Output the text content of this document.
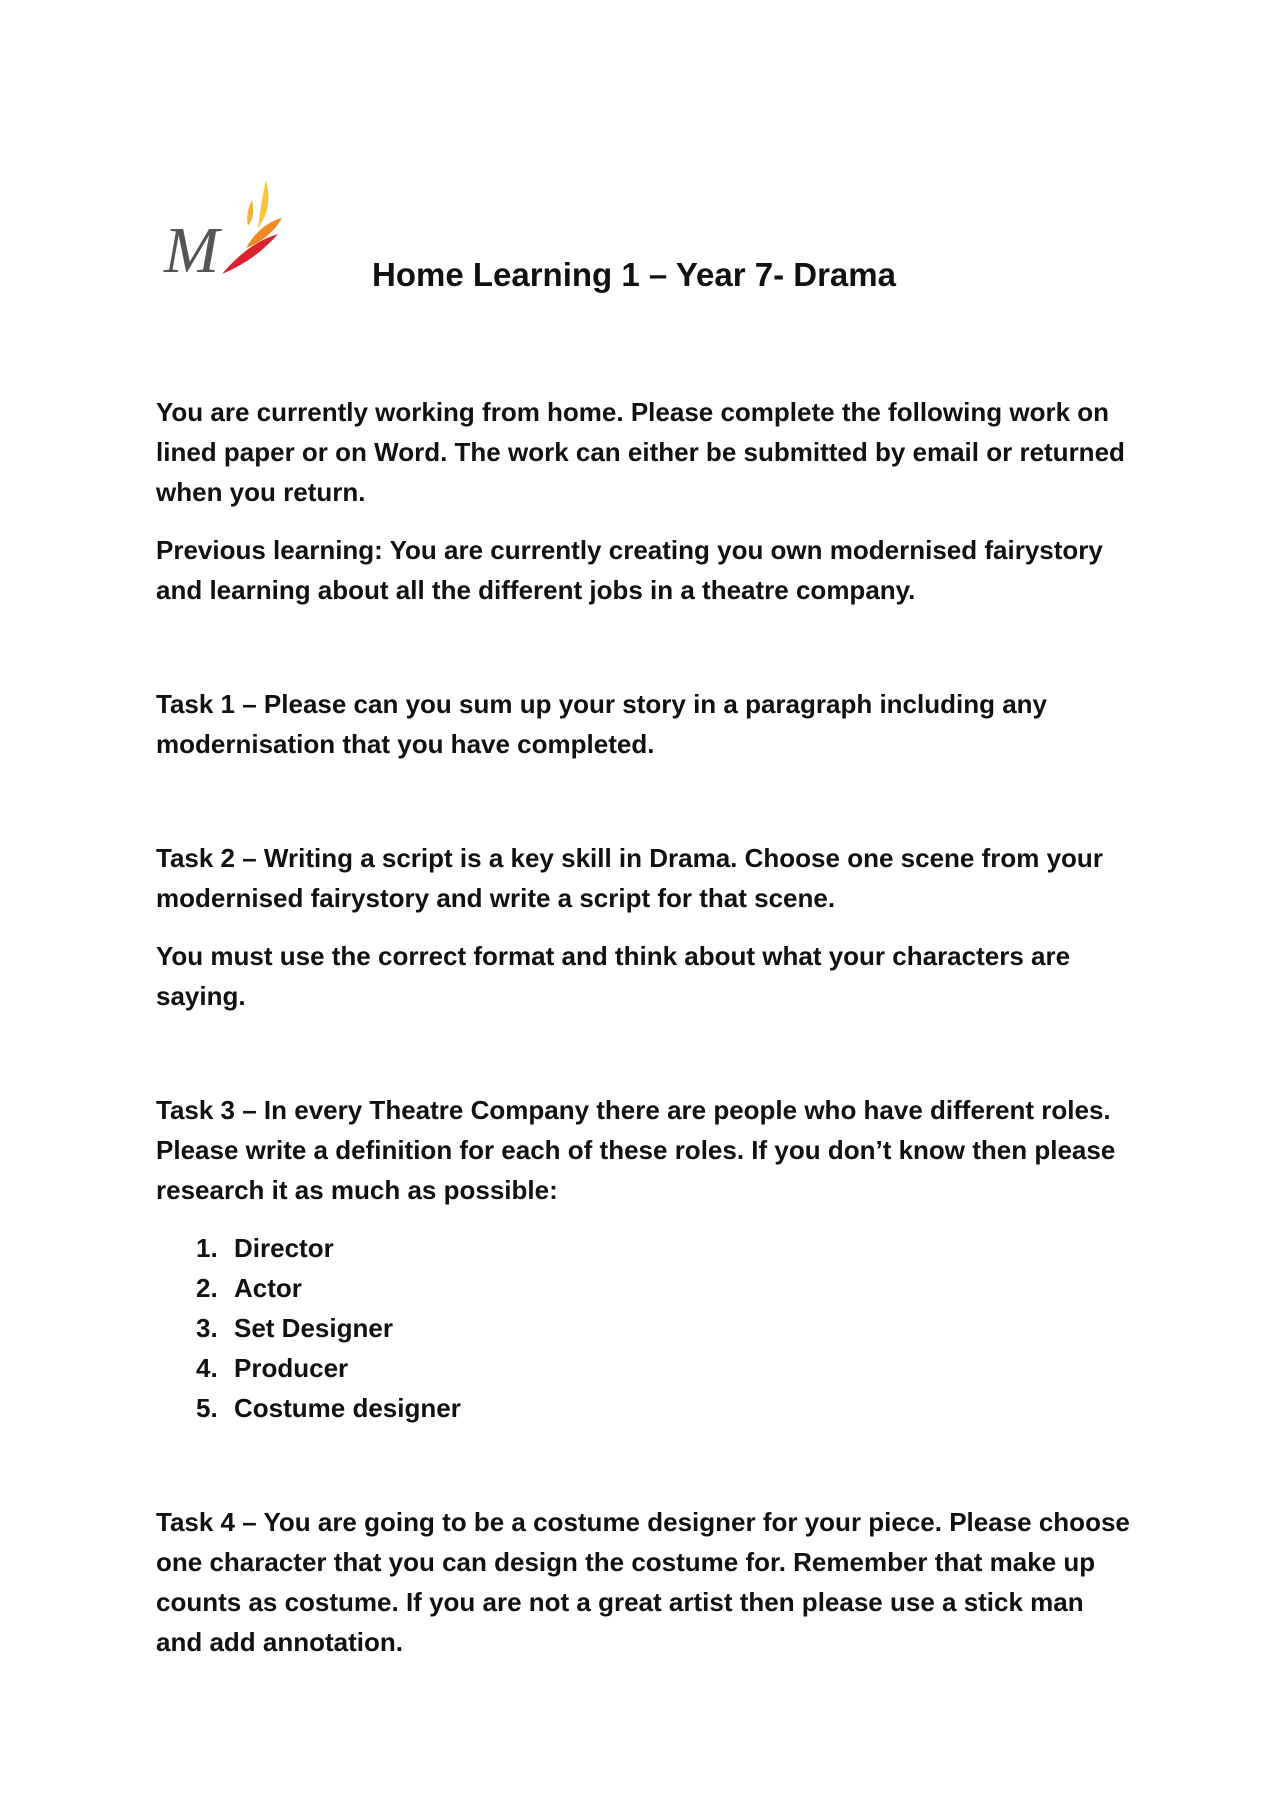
M	Home Learning 1 – Year 7- Drama

You are currently working from home. Please complete the following work on lined paper or on Word. The work can either be submitted by email or returned when you return.

Previous learning: You are currently creating you own modernised fairystory and learning about all the different jobs in a theatre company.

Task 1 – Please can you sum up your story in a paragraph including any modernisation that you have completed.

Task 2 – Writing a script is a key skill in Drama. Choose one scene from your modernised fairystory and write a script for that scene.

You must use the correct format and think about what your characters are saying.

Task 3 – In every Theatre Company there are people who have different roles. Please write a definition for each of these roles. If you don’t know then please research it as much as possible:

Director
Actor
Set Designer
Producer
Costume designer

Task 4 – You are going to be a costume designer for your piece. Please choose one character that you can design the costume for. Remember that make up counts as costume. If you are not a great artist then please use a stick man and add annotation.
